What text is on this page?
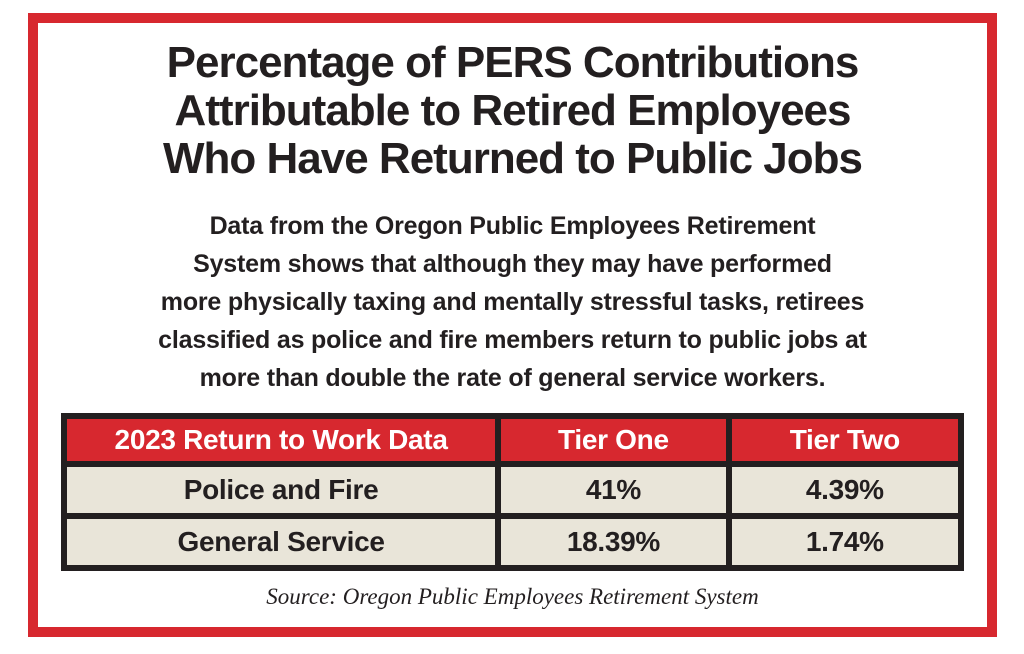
Percentage of PERS Contributions
Attributable to Retired Employees
Who Have Returned to Public Jobs
Data from the Oregon Public Employees Retirement
System shows that although they may have performed
more physically taxing and mentally stressful tasks, retirees
classified as police and fire members return to public jobs at
more than double the rate of general service workers.
2023 Return to Work Data	Tier One	Tier Two
Police and Fire	41%	4.39%
General Service	18.39%	1.74%
Source: Oregon Public Employees Retirement System
